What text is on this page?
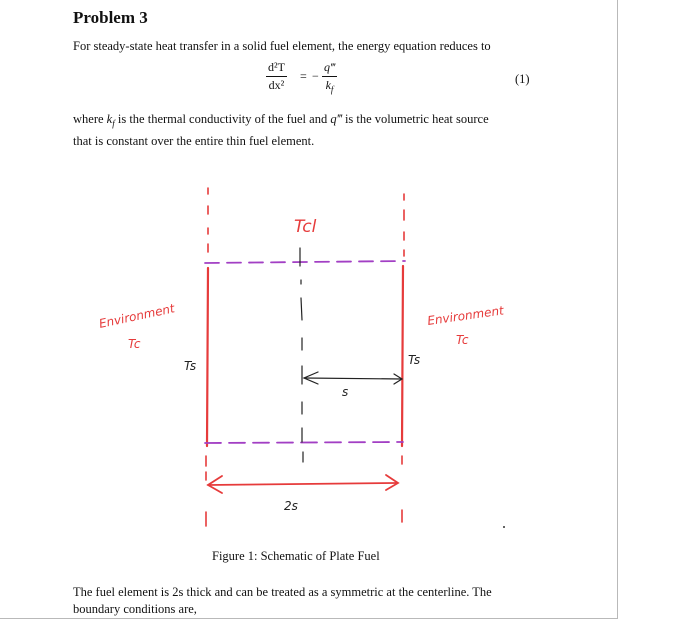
Problem 3

For steady-state heat transfer in a solid fuel element, the energy equation reduces to

$\frac{\text{d²T}}{\text{dx²}}$ = − $\frac{q‴}{k_f}$	(1)

where $k_f$ is the thermal conductivity of the fuel and q‴ is the volumetric heat source
that is constant over the entire thin fuel element.

Tcl
Environment
Tc
Environment
Tc
Ts	Ts
s
2s
Figure 1: Schematic of Plate Fuel

The fuel element is 2s thick and can be treated as a symmetric at the centerline. The
boundary conditions are,
